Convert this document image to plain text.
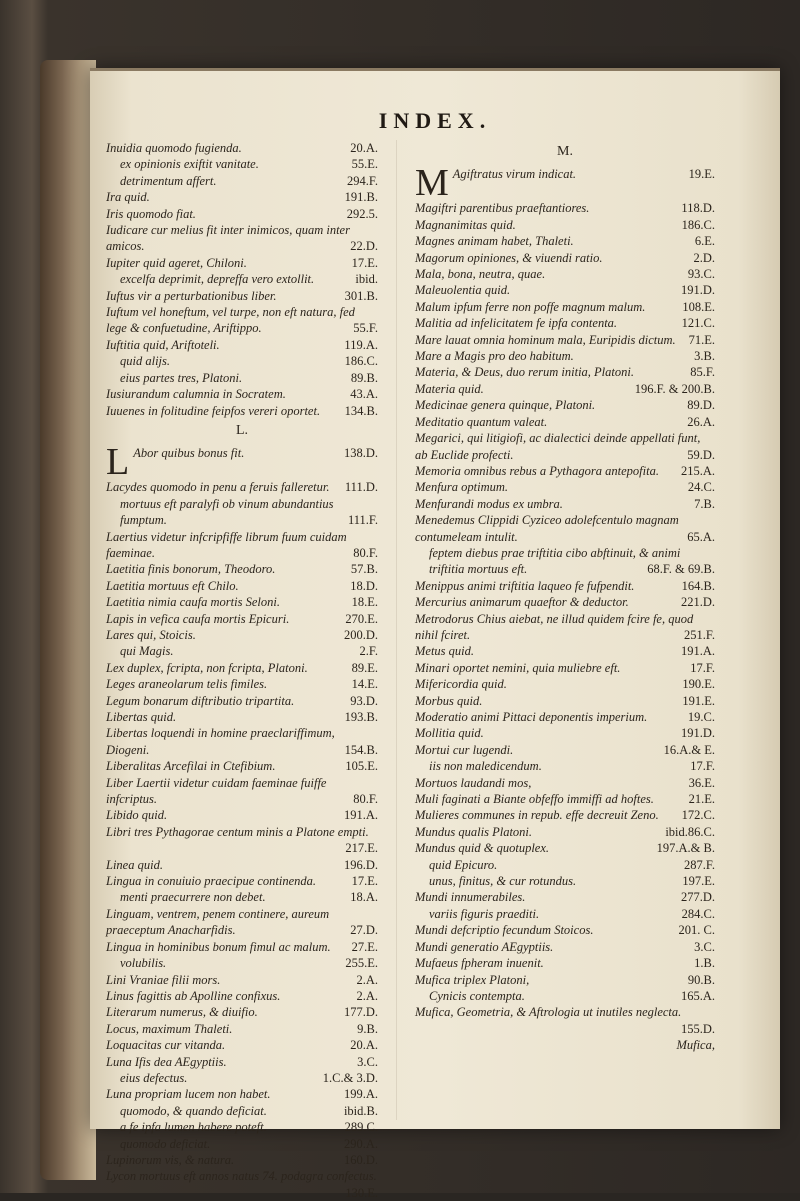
INDEX.
Inuidia quomodo fugienda.	20.A.
ex opinionis exiftit vanitate.	55.E.
detrimentum affert.	294.F.
Ira quid.	191.B.
Iris quomodo fiat.	292.5.
Iudicare cur melius fit inter inimicos, quam inter amicos.	22.D.
Iupiter quid ageret, Chiloni.	17.E.
excelfa deprimit, depreffa vero extollit.	ibid.
Iuftus vir a perturbationibus liber.	301.B.
Iuftum vel honeftum, vel turpe, non eft natura, fed lege & confuetudine, Ariftippo.	55.F.
Iuftitia quid, Ariftoteli.	119.A.
quid alijs.	186.C.
eius partes tres, Platoni.	89.B.
Iusiurandum calumnia in Socratem.	43.A.
Iuuenes in folitudine feipfos vereri oportet. 134.B.
L.
L Abor quibus bonus fit.	138.D.
Lacydes quomodo in penu a feruis falleretur. 111.D.
mortuus eft paralyfi ob vinum abundantius fumptum.	111.F.
Laertius videtur infcripfiffe librum fuum cuidam faeminae.	80.F.
Laetitia finis bonorum, Theodoro.	57.B.
Laetitia mortuus eft Chilo.	18.D.
Laetitia nimia caufa mortis Seloni.	18.E.
Lapis in vefica caufa mortis Epicuri.	270.E.
Lares qui, Stoicis.	200.D.
qui Magis.	2.F.
Lex duplex, fcripta, non fcripta, Platoni.	89.E.
Leges araneolarum telis fimiles.	14.E.
Legum bonarum diftributio tripartita.	93.D.
Libertas quid.	193.B.
Libertas loquendi in homine praeclariffimum, Diogeni.	154.B.
Liberalitas Arcefilai in Ctefibium.	105.E.
Liber Laertii videtur cuidam faeminae fuiffe infcriptus.	80.F.
Libido quid.	191.A.
Libri tres Pythagorae centum minis a Platone empti.
217.E.
Linea quid.	196.D.
Lingua in conuiuio praecipue continenda.	17.E.
menti praecurrere non debet.	18.A.
Linguam, ventrem, penem continere, aureum praeceptum Anacharfidis.	27.D.
Lingua in hominibus bonum fimul ac malum. 27.E.
volubilis.	255.E.
Lini Vraniae filii mors.	2.A.
Linus fagittis ab Apolline confixus.	2.A.
Literarum numerus, & diuifio.	177.D.
Locus, maximum Thaleti.	9.B.
Loquacitas cur vitanda.	20.A.
Luna Ifis dea AEgyptiis.	3.C.
eius defectus.	1.C.& 3.D.
Luna propriam lucem non habet.	199.A.
quomodo, & quando deficiat.	ibid.B.
a fe ipfa lumen habere poteft.	289.C.
quomodo deficiat.	290.A.
Lupinorum vis, & natura.	160.D.
Lycon mortuus eft annos natus 74. podagra confectus.
130.E.
M.
M Agiftratus virum indicat.	19.E.
Magiftri parentibus praeftantiores.	118.D.
Magnanimitas quid.	186.C.
Magnes animam habet, Thaleti.	6.E.
Magorum opiniones, & viuendi ratio.	2.D.
Mala, bona, neutra, quae.	93.C.
Maleuolentia quid.	191.D.
Malum ipfum ferre non poffe magnum malum.	108.E.
Malitia ad infelicitatem fe ipfa contenta.	121.C.
Mare lauat omnia hominum mala, Euripidis dictum. 71.E.
Mare a Magis pro deo habitum.	3.B.
Materia, & Deus, duo rerum initia, Platoni.	85.F.
Materia quid.	196.F. & 200.B.
Medicinae genera quinque, Platoni.	89.D.
Meditatio quantum valeat.	26.A.
Megarici, qui litigiofi, ac dialectici deinde appellati funt, ab Euclide profecti.	59.D.
Memoria omnibus rebus a Pythagora antepofita. 215.A.
Menfura optimum.	24.C.
Menfurandi modus ex umbra.	7.B.
Menedemus Clippidi Cyziceo adolefcentulo magnam contumeleam intulit.	65.A.
feptem diebus prae triftitia cibo abftinuit, & animi triftitia mortuus eft.	68.F. & 69.B.
Menippus animi triftitia laqueo fe fufpendit.	164.B.
Mercurius animarum quaeftor & deductor.	221.D.
Metrodorus Chius aiebat, ne illud quidem fcire fe, quod nihil fciret.	251.F.
Metus quid.	191.A.
Minari oportet nemini, quia muliebre eft.	17.F.
Mifericordia quid.	190.E.
Morbus quid.	191.E.
Moderatio animi Pittaci deponentis imperium.	19.C.
Mollitia quid.	191.D.
Mortui cur lugendi.	16.A.& E.
iis non maledicendum.	17.F.
Mortuos laudandi mos,	36.E.
Muli faginati a Biante obfeffo immiffi ad hoftes.	21.E.
Mulieres communes in repub. effe decreuit Zeno. 172.C.
Mundus qualis Platoni.	ibid.86.C.
Mundus quid & quotuplex.	197.A.& B.
quid Epicuro.	287.F.
unus, finitus, & cur rotundus.	197.E.
Mundi innumerabiles.	277.D.
variis figuris praediti.	284.C.
Mundi defcriptio fecundum Stoicos.	201. C.
Mundi generatio AEgyptiis.	3.C.
Mufaeus fpheram inuenit.	1.B.
Mufica triplex Platoni,	90.B.
Cynicis contempta.	165.A.
Mufica, Geometria, & Aftrologia ut inutiles neglecta.
155.D.
Mufica,
